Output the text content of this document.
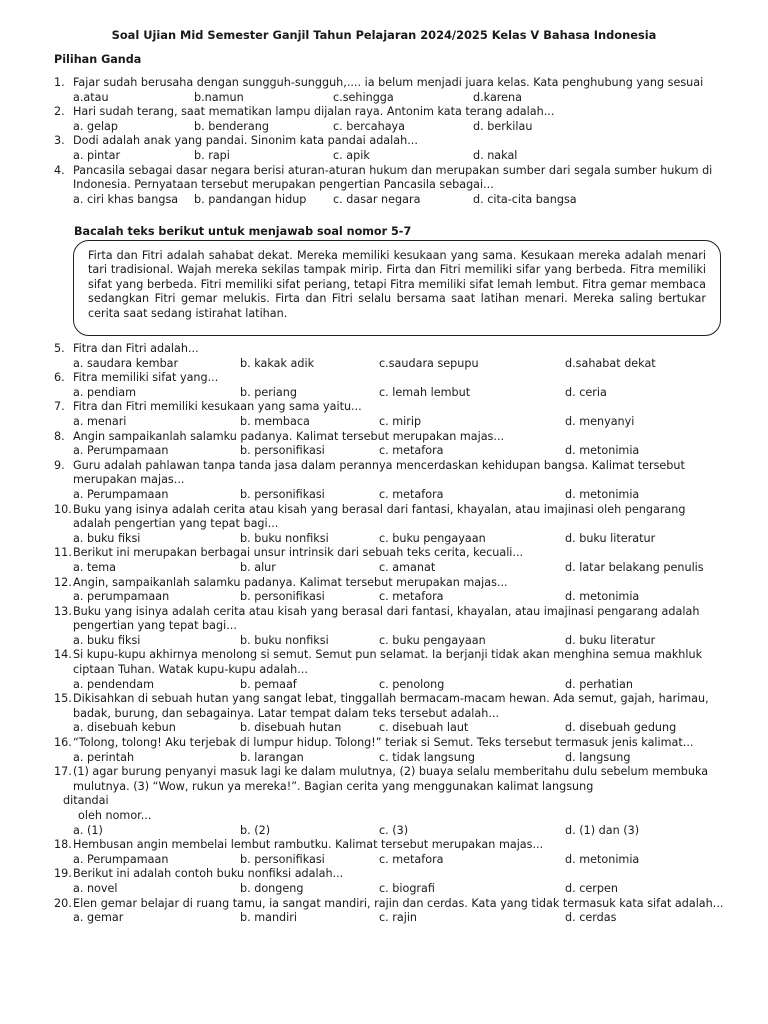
Soal Ujian Mid Semester Ganjil Tahun Pelajaran 2024/2025 Kelas V Bahasa Indonesia
Pilihan Ganda
1. Fajar sudah berusaha dengan sungguh-sungguh,.... ia belum menjadi juara kelas. Kata penghubung yang sesuai
a.atau	b.namun	c.sehingga	d.karena
2. Hari sudah terang, saat mematikan lampu dijalan raya. Antonim kata terang adalah...
a. gelap	b. benderang	c. bercahaya	d. berkilau
3. Dodi adalah anak yang pandai. Sinonim kata pandai adalah...
a. pintar	b. rapi	c. apik	d. nakal
4. Pancasila sebagai dasar negara berisi aturan-aturan hukum dan merupakan sumber dari segala sumber hukum di Indonesia. Pernyataan tersebut merupakan pengertian Pancasila sebagai...
a. ciri khas bangsa	b. pandangan hidup	c. dasar negara	d. cita-cita bangsa
Bacalah teks berikut untuk menjawab soal nomor 5-7
Firta dan Fitri adalah sahabat dekat. Mereka memiliki kesukaan yang sama. Kesukaan mereka adalah menari tari tradisional. Wajah mereka sekilas tampak mirip. Firta dan Fitri memiliki sifar yang berbeda. Fitra memiliki sifat yang berbeda. Fitri memiliki sifat periang, tetapi Fitra memiliki sifat lemah lembut. Fitra gemar membaca sedangkan Fitri gemar melukis. Firta dan Fitri selalu bersama saat latihan menari. Mereka saling bertukar cerita saat sedang istirahat latihan.
5. Fitra dan Fitri adalah...
a. saudara kembar	b. kakak adik	c.saudara sepupu	d.sahabat dekat
6. Fitra memiliki sifat yang...
a. pendiam	b. periang	c. lemah lembut	d. ceria
7. Fitra dan Fitri memiliki kesukaan yang sama yaitu...
a. menari	b. membaca	c. mirip	d. menyanyi
8. Angin sampaikanlah salamku padanya. Kalimat tersebut merupakan majas...
a. Perumpamaan	b. personifikasi	c. metafora	d. metonimia
9. Guru adalah pahlawan tanpa tanda jasa dalam perannya mencerdaskan kehidupan bangsa. Kalimat tersebut merupakan majas...
a. Perumpamaan	b. personifikasi	c. metafora	d. metonimia
10. Buku yang isinya adalah cerita atau kisah yang berasal dari fantasi, khayalan, atau imajinasi oleh pengarang adalah pengertian yang tepat bagi...
a. buku fiksi	b. buku nonfiksi	c. buku pengayaan	d. buku literatur
11. Berikut ini merupakan berbagai unsur intrinsik dari sebuah teks cerita, kecuali...
a. tema	b. alur	c. amanat	d. latar belakang penulis
12. Angin, sampaikanlah salamku padanya. Kalimat tersebut merupakan majas...
a. perumpamaan	b. personifikasi	c. metafora	d. metonimia
13. Buku yang isinya adalah cerita atau kisah yang berasal dari fantasi, khayalan, atau imajinasi pengarang adalah pengertian yang tepat bagi...
a. buku fiksi	b. buku nonfiksi	c. buku pengayaan	d. buku literatur
14. Si kupu-kupu akhirnya menolong si semut. Semut pun selamat. Ia berjanji tidak akan menghina semua makhluk ciptaan Tuhan. Watak kupu-kupu adalah...
a. pendendam	b. pemaaf	c. penolong	d. perhatian
15. Dikisahkan di sebuah hutan yang sangat lebat, tinggallah bermacam-macam hewan. Ada semut, gajah, harimau, badak, burung, dan sebagainya. Latar tempat dalam teks tersebut adalah...
a. disebuah kebun	b. disebuah hutan	c. disebuah laut	d. disebuah gedung
16. “Tolong, tolong! Aku terjebak di lumpur hidup. Tolong!” teriak si Semut. Teks tersebut termasuk jenis kalimat...
a. perintah	b. larangan	c. tidak langsung	d. langsung
17. (1) agar burung penyanyi masuk lagi ke dalam mulutnya, (2) buaya selalu memberitahu dulu sebelum membuka mulutnya. (3) “Wow, rukun ya mereka!”. Bagian cerita yang menggunakan kalimat langsung
ditandai
oleh nomor...
a. (1)	b. (2)	c. (3)	d. (1) dan (3)
18. Hembusan angin membelai lembut rambutku. Kalimat tersebut merupakan majas...
a. Perumpamaan	b. personifikasi	c. metafora	d. metonimia
19. Berikut ini adalah contoh buku nonfiksi adalah...
a. novel	b. dongeng	c. biografi	d. cerpen
20. Elen gemar belajar di ruang tamu, ia sangat mandiri, rajin dan cerdas. Kata yang tidak termasuk kata sifat adalah...
a. gemar	b. mandiri	c. rajin	d. cerdas
